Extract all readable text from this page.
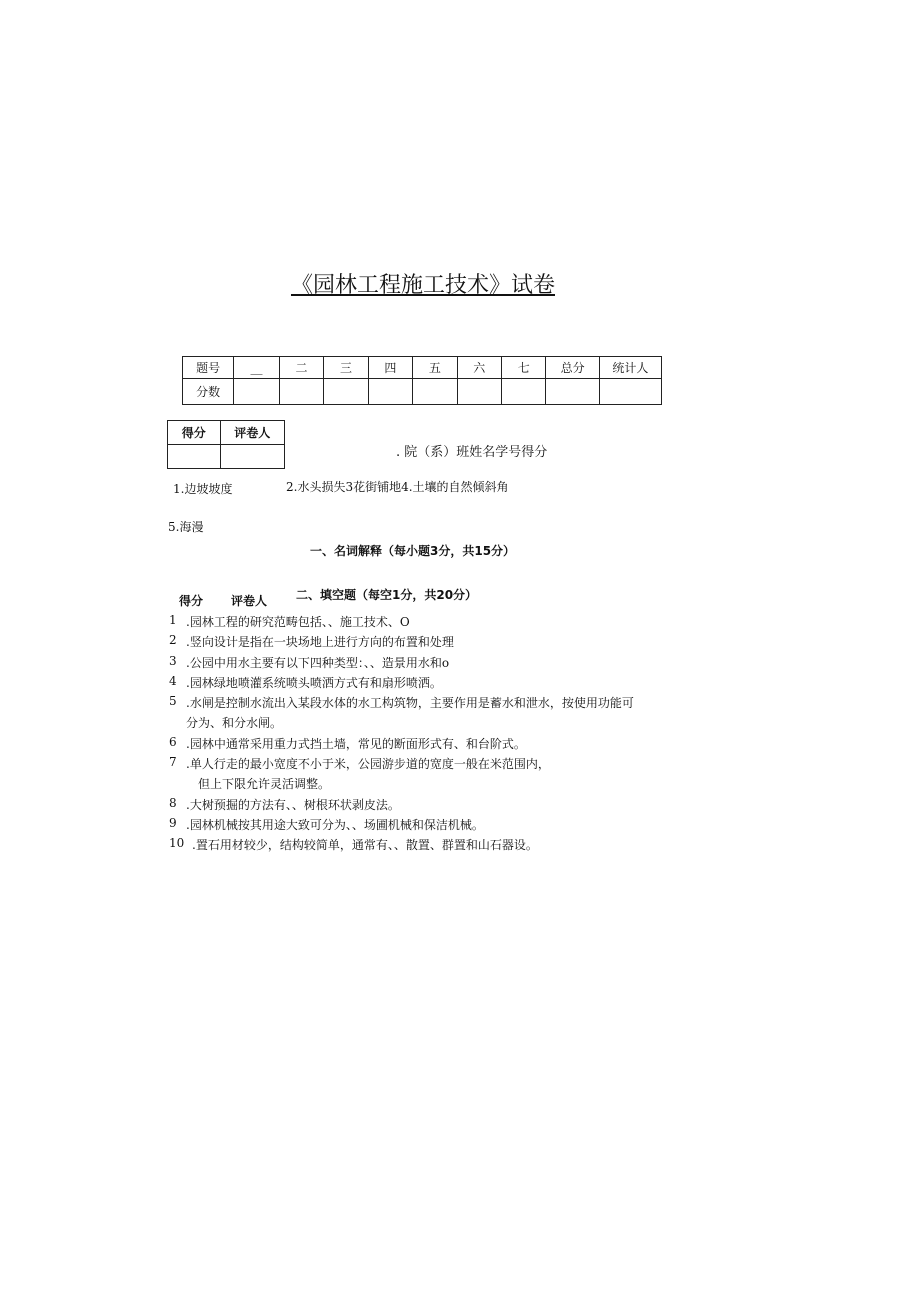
《园林工程施工技术》试卷
题号	__	二	三	四	五	六	七	总分	统计人
分数									
得分	评卷人

. 院（系）班姓名学号得分
1.边坡坡度	2.水头损失3花街铺地4.土壤的自然倾斜角
5.海漫
一、名词解释（每小题3分，共15分）
得分 评卷人 二、填空题（每空1分，共20分）
1 .园林工程的研究范畴包括、、施工技术、O
2 .竖向设计是指在一块场地上进行方向的布置和处理
3 .公园中用水主要有以下四种类型：、、造景用水和o
4 .园林绿地喷灌系统喷头喷洒方式有和扇形喷洒。
5 .水闸是控制水流出入某段水体的水工构筑物，主要作用是蓄水和泄水，按使用功能可
分为、和分水闸。
6 .园林中通常采用重力式挡土墙，常见的断面形式有、和台阶式。
7 .单人行走的最小宽度不小于米，公园游步道的宽度一般在米范围内，
但上下限允许灵活调整。
8 .大树预掘的方法有、、树根环状剥皮法。
9 .园林机械按其用途大致可分为、、场圃机械和保洁机械。
10 .置石用材较少，结构较简单，通常有、、散置、群置和山石器设。
